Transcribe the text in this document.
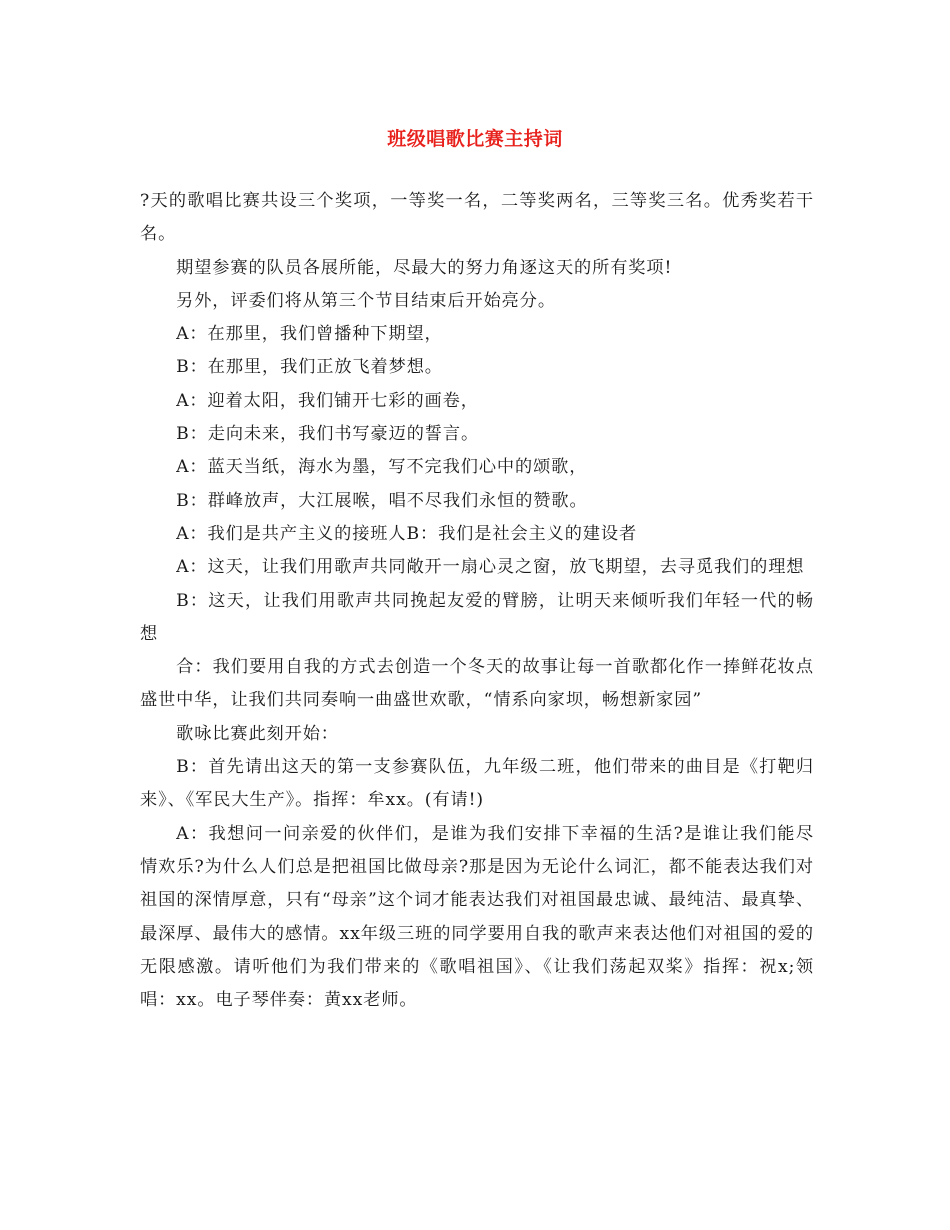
班级唱歌比赛主持词

?天的歌唱比赛共设三个奖项，一等奖一名，二等奖两名，三等奖三名。优秀奖若干名。

期望参赛的队员各展所能，尽最大的努力角逐这天的所有奖项!

另外，评委们将从第三个节目结束后开始亮分。

A：在那里，我们曾播种下期望，

B：在那里，我们正放飞着梦想。

A：迎着太阳，我们铺开七彩的画卷，

B：走向未来，我们书写豪迈的誓言。

A：蓝天当纸，海水为墨，写不完我们心中的颂歌，

B：群峰放声，大江展喉，唱不尽我们永恒的赞歌。

A：我们是共产主义的接班人B：我们是社会主义的建设者

A：这天，让我们用歌声共同敞开一扇心灵之窗，放飞期望，去寻觅我们的理想

B：这天，让我们用歌声共同挽起友爱的臂膀，让明天来倾听我们年轻一代的畅想

合：我们要用自我的方式去创造一个冬天的故事让每一首歌都化作一捧鲜花妆点盛世中华，让我们共同奏响一曲盛世欢歌，“情系向家坝，畅想新家园”

歌咏比赛此刻开始：

B：首先请出这天的第一支参赛队伍，九年级二班，他们带来的曲目是《打靶归来》、《军民大生产》。指挥：牟xx。(有请!)

A：我想问一问亲爱的伙伴们，是谁为我们安排下幸福的生活?是谁让我们能尽情欢乐?为什么人们总是把祖国比做母亲?那是因为无论什么词汇，都不能表达我们对祖国的深情厚意，只有“母亲”这个词才能表达我们对祖国最忠诚、最纯洁、最真挚、最深厚、最伟大的感情。xx年级三班的同学要用自我的歌声来表达他们对祖国的爱的无限感激。请听他们为我们带来的《歌唱祖国》、《让我们荡起双桨》指挥：祝x;领唱：xx。电子琴伴奏：黄xx老师。
